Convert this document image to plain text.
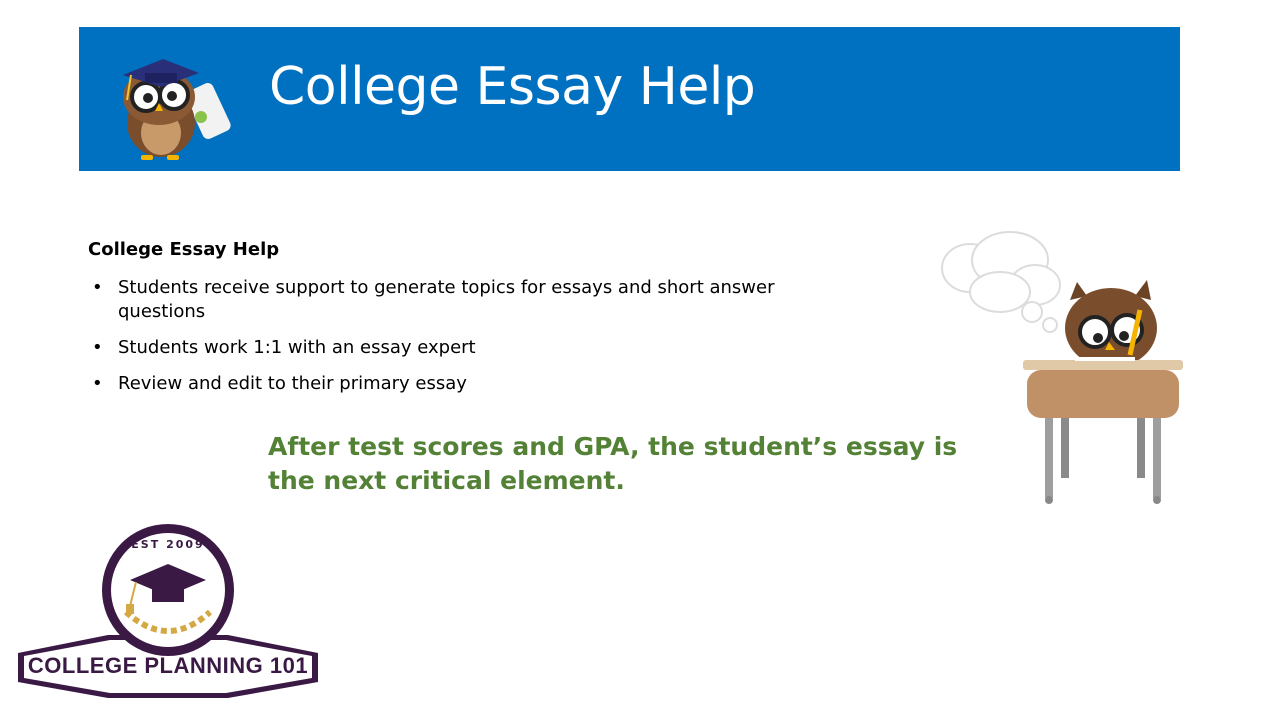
College Essay Help
College Essay Help
• Students receive support to generate topics for essays and short answer questions
• Students work 1:1 with an essay expert
• Review and edit to their primary essay
After test scores and GPA, the student’s essay is the next critical element.
EST 2009
COLLEGE PLANNING 101
